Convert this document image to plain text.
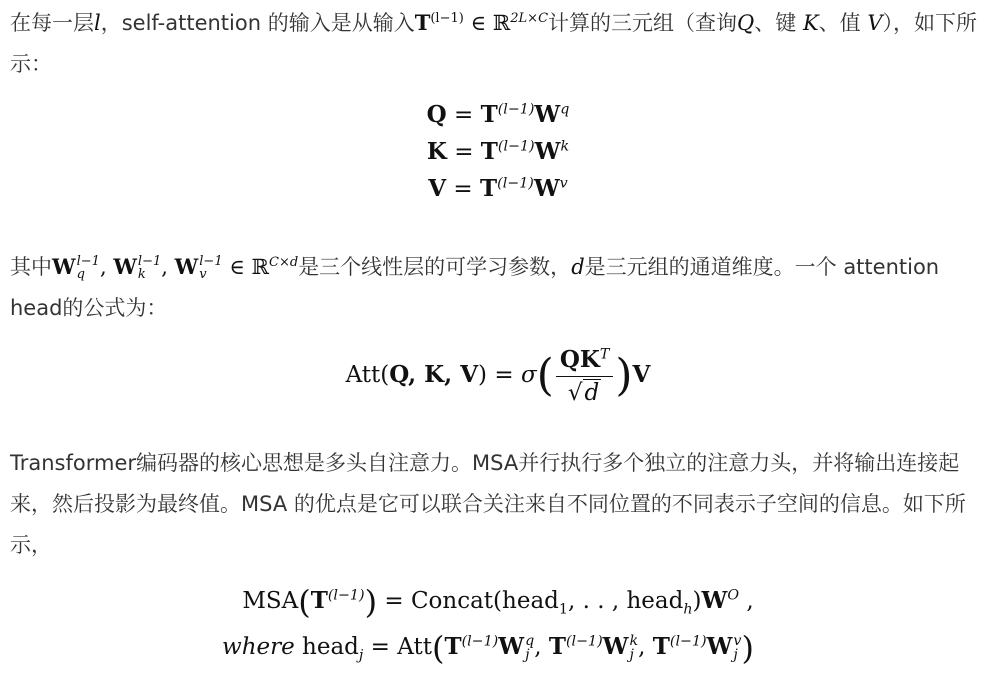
在每一层l，self-attention 的输入是从输入$T^{(l-1)}$ ∈ ℝ$^{2L\times C}$计算的三元组（查询Q、键 K、值 V），如下所示：
$Q = T^{(l-1)}W^q$
$K = T^{(l-1)}W^k$
$V = T^{(l-1)}W^v$
其中W l−1
q , W l−1
k , W l−1
v	∈ ℝ$^{C\times d}$是三个线性层的可学习参数，d是三元组的通道维度。一个 attention head的公式为：
Att(Q, K, $V) = \sigma( \frac{QK^T}{√d} )V$
Transformer编码器的核心思想是多头自注意力。MSA并行执行多个独立的注意力头，并将输出连接起来，然后投影为最终值。MSA 的优点是它可以联合关注来自不同位置的不同表示子空间的信息。如下所示，
$MSA(T^{(l-1)})$ = Concat(head$_1$, . . , $head_h)W^O$ ,
where head$_j$ = $Att(T^{(l-1)}W$ q
j , $T^{(l-1)}W$ k
j , $T^{(l-1)}W$ v
j )
